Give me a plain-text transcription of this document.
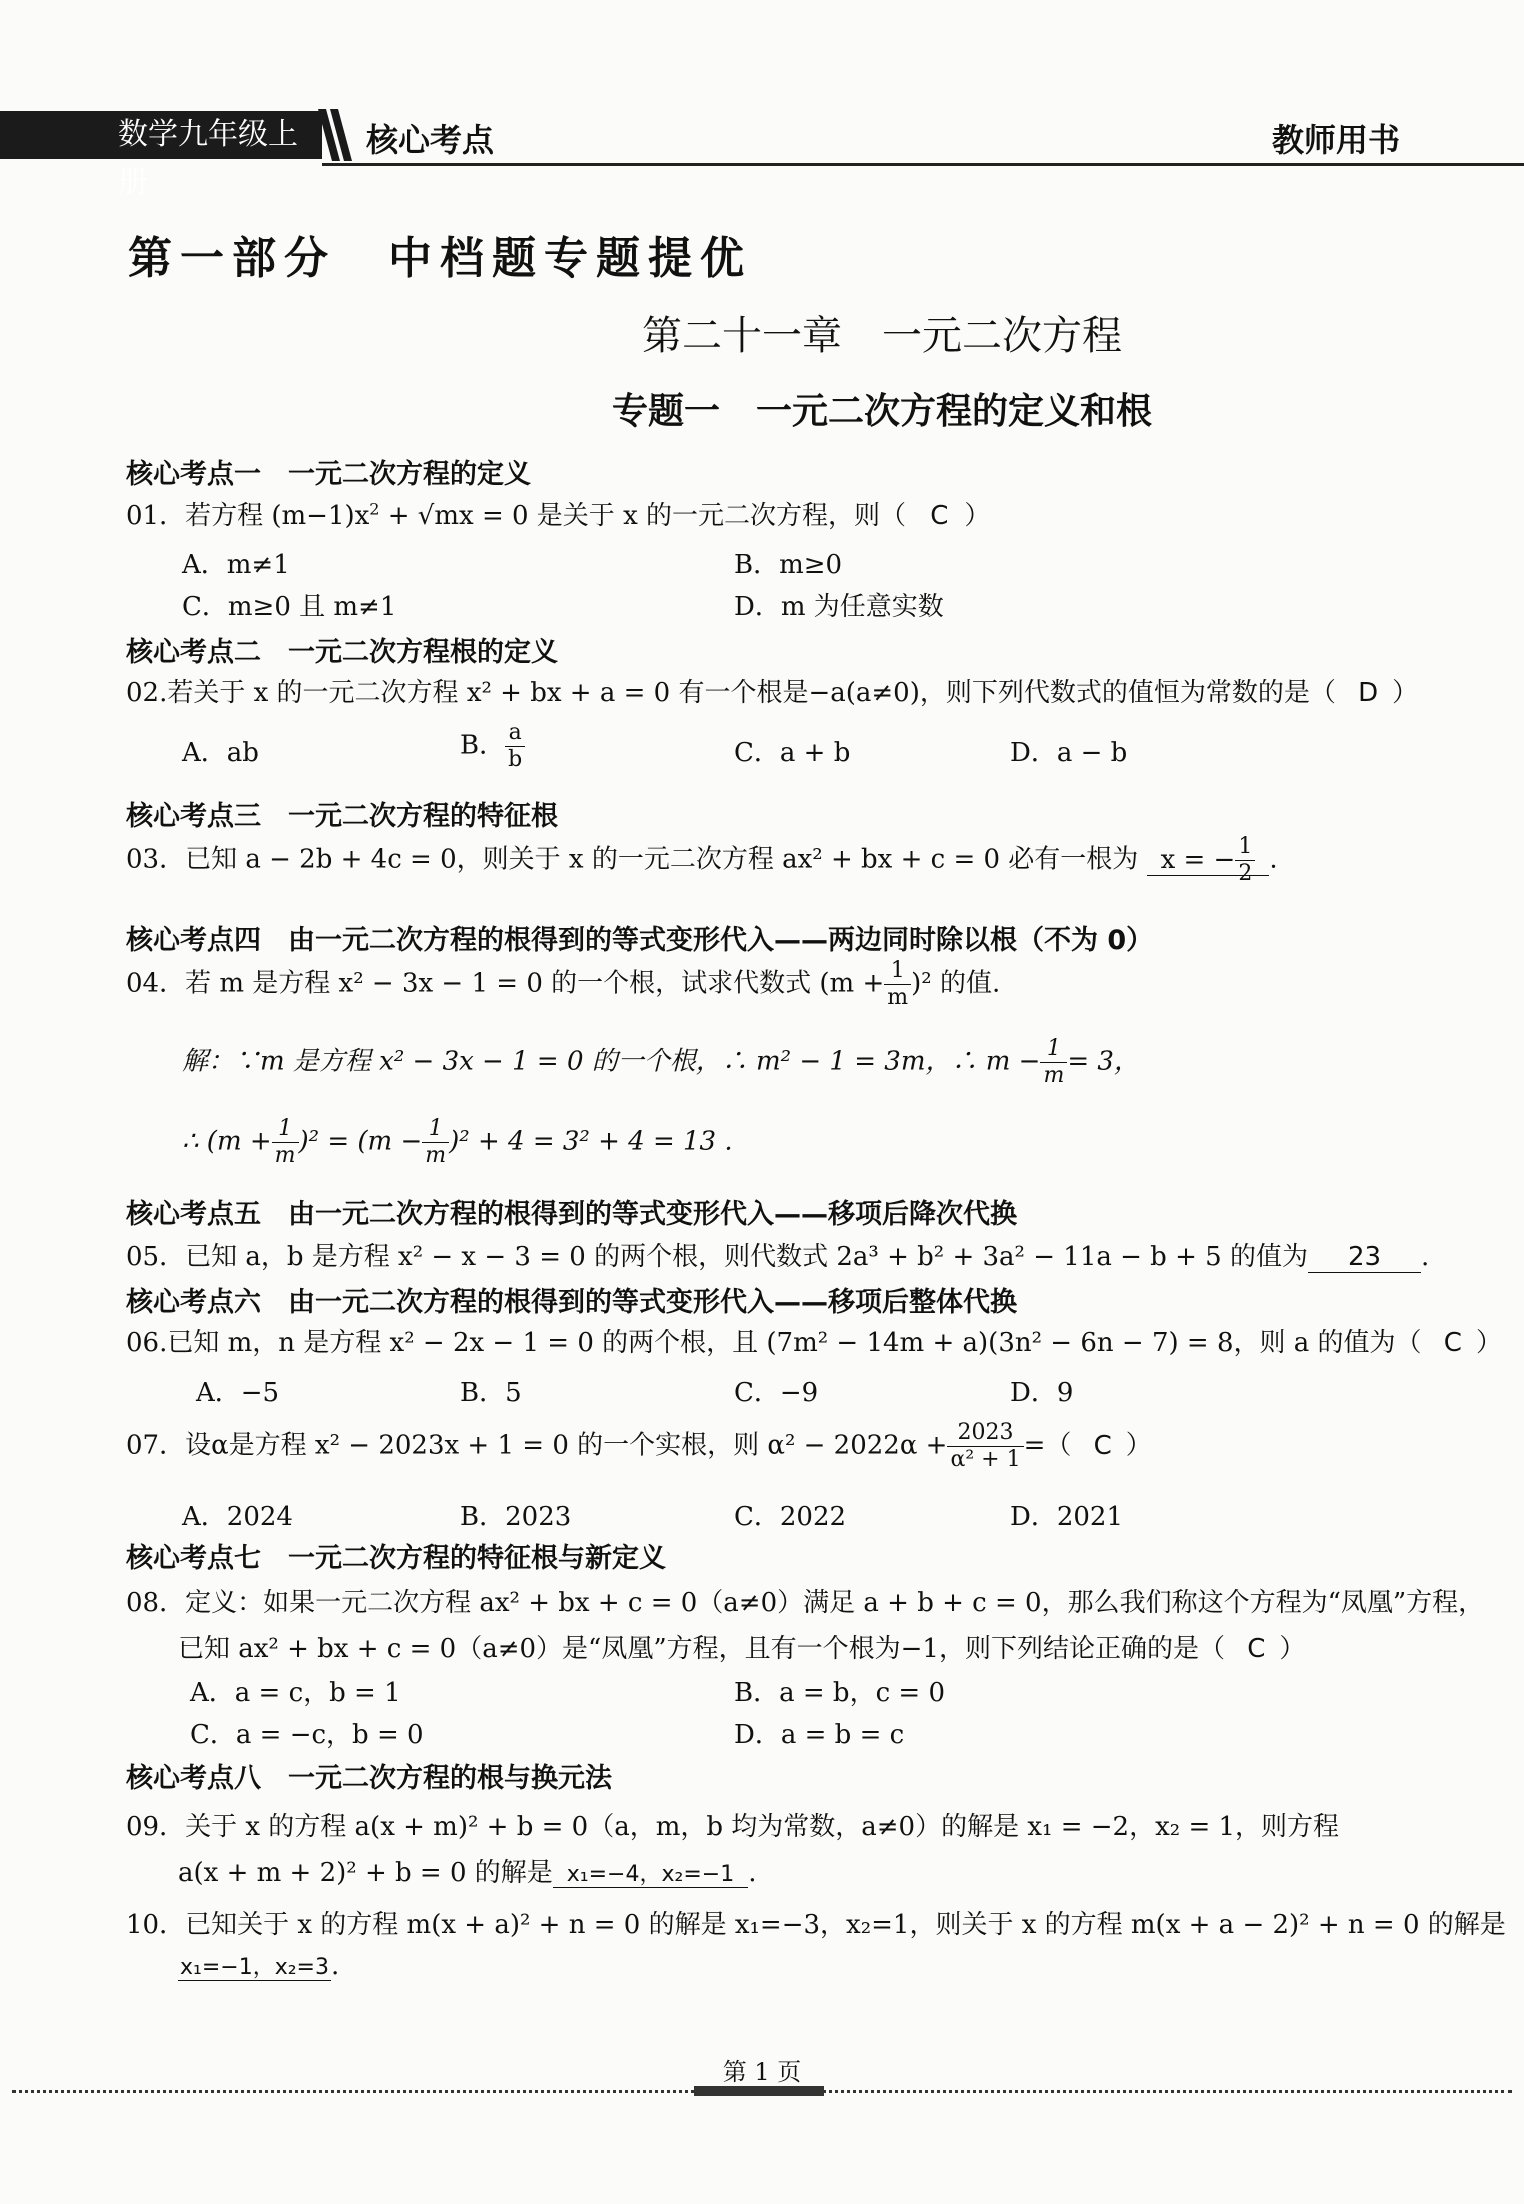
数学九年级上册
核心考点	教师用书
第一部分　中档题专题提优
第二十一章　一元二次方程
专题一　一元二次方程的定义和根
核心考点一　一元二次方程的定义
01．若方程 $(m-1)x^2 + √mx = 0$ 是关于 x 的一元二次方程，则（ C ）
A．m≠1	B．m≥0
C．m≥0 且 m≠1	D．m 为任意实数
核心考点二　一元二次方程根的定义
02.若关于 x 的一元二次方程 x² + bx + a = 0 有一个根是−a(a≠0)，则下列代数式的值恒为常数的是（ D ）
A．ab	B． $\frac{a}{b}$	C．a + b	D．a − b
核心考点三　一元二次方程的特征根
03．已知 a − 2b + 4c = 0，则关于 x 的一元二次方程 ax² + bx + c = 0 必有一根为 x = − $\frac{1}{2}$ .
核心考点四　由一元二次方程的根得到的等式变形代入——两边同时除以根（不为 0）
04．若 m 是方程 x² − 3x − 1 = 0 的一个根，试求代数式 $(m + \frac{1}{m} )^2$ 的值.
解：∵m 是方程 x² − 3x − 1 = 0 的一个根，∴ m² − 1 = 3m，∴ $m - \frac{1}{m} = 3$，
∴ $(m + \frac{1}{m} )^2 = (m - \frac{1}{m} )^2 + 4 = 3^2 + 4 = 13$ .
核心考点五　由一元二次方程的根得到的等式变形代入——移项后降次代换
05．已知 a，b 是方程 x² − x − 3 = 0 的两个根，则代数式 2a³ + b² + 3a² − 11a − b + 5 的值为 23 .
核心考点六　由一元二次方程的根得到的等式变形代入——移项后整体代换
06.已知 m，n 是方程 x² − 2x − 1 = 0 的两个根，且 (7m² − 14m + a)(3n² − 6n − 7) = 8，则 a 的值为（ C ）
A．−5	B．5	C．−9	D．9
07．设α是方程 x² − 2023x + 1 = 0 的一个实根，则 $\alpha^2 - 2022\alpha + \frac{2023}{\text{α² + 1}}$ =（ C ）
A．2024	B．2023	C．2022	D．2021
核心考点七　一元二次方程的特征根与新定义
08．定义：如果一元二次方程 ax² + bx + c = 0（a≠0）满足 a + b + c = 0，那么我们称这个方程为“凤凰”方程，
已知 ax² + bx + c = 0（a≠0）是“凤凰”方程，且有一个根为−1，则下列结论正确的是（ C ）
A．a = c，b = 1	B．a = b，c = 0
C．a = −c，b = 0	D．a = b = c
核心考点八　一元二次方程的根与换元法
09．关于 x 的方程 a(x + m)² + b = 0（a，m，b 均为常数，a≠0）的解是 x₁ = −2，x₂ = 1，则方程
a(x + m + 2)² + b = 0 的解是 x₁=−4，x₂=−1 .
10．已知关于 x 的方程 m(x + a)² + n = 0 的解是 x₁=−3，x₂=1，则关于 x 的方程 m(x + a − 2)² + n = 0 的解是
x₁=−1，x₂=3.
第 1 页
